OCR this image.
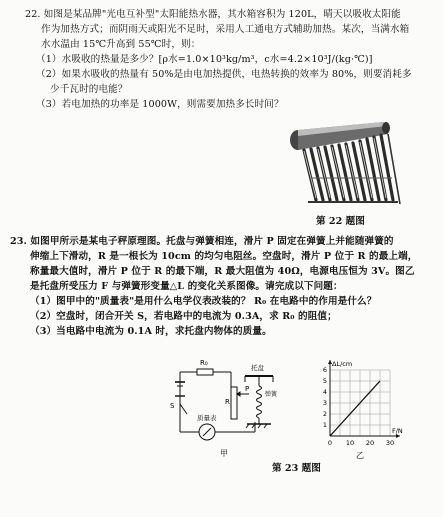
22. 如图是某品牌"光电互补型"太阳能热水器，其水箱容积为 120L，晴天以吸收太阳能
作为加热方式；而阴雨天或阳光不足时，采用人工通电方式辅助加热。某次，当满水箱
水水温由 15℃升高到 55℃时，则：
（1）水吸收的热量是多少？[ρ水=1.0×10³kg/m³，c水=4.2×10³J/(kg·℃)]
（2）如果水吸收的热量有 50%是由电加热提供，电热转换的效率为 80%，则要消耗多
少千瓦时的电能？
（3）若电加热的功率是 1000W，则需要加热多长时间？
第 22 题图
23. 如图甲所示是某电子秤原理图。托盘与弹簧相连，滑片 P 固定在弹簧上并能随弹簧的
伸缩上下滑动，R 是一根长为 10cm 的均匀电阻丝。空盘时，滑片 P 位于 R 的最上端，
称量最大值时，滑片 P 位于 R 的最下端，R 最大阻值为 40Ω，电源电压恒为 3V。图乙
是托盘所受压力 F 与弹簧形变量△L 的变化关系图像。请完成以下问题：
（1）图甲中的"质量表"是用什么电学仪表改装的？ R₀ 在电路中的作用是什么？
（2）空盘时，闭合开关 S，若电路中的电流为 0.3A，求 R₀ 的阻值；
（3）当电路中电流为 0.1A 时，求托盘内物体的质量。
R₀
P
R
S
质量表
托盘
弹簧
甲
0 10 20 30
1
2
3
4
5
6
ΔL/cm
F/N
乙
第 23 题图
